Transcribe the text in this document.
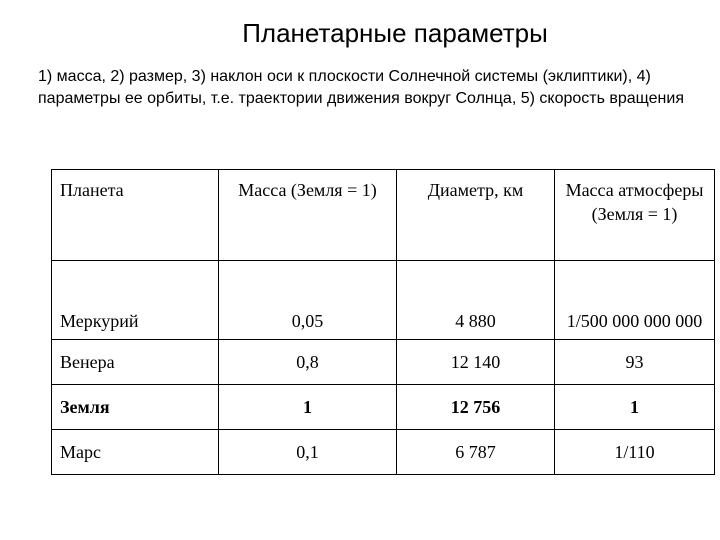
Планетарные параметры
1) масса, 2) размер, 3) наклон оси к плоскости Солнечной системы (эклиптики), 4) параметры ее орбиты, т.е. траектории движения вокруг Солнца, 5) скорость вращения
Планета	Масса (Земля = 1)	Диаметр, км	Масса атмосферы (Земля = 1)
Меркурий	0,05	4 880	1/500 000 000 000
Венера	0,8	12 140	93
Земля	1	12 756	1
Марс	0,1	6 787	1/110
